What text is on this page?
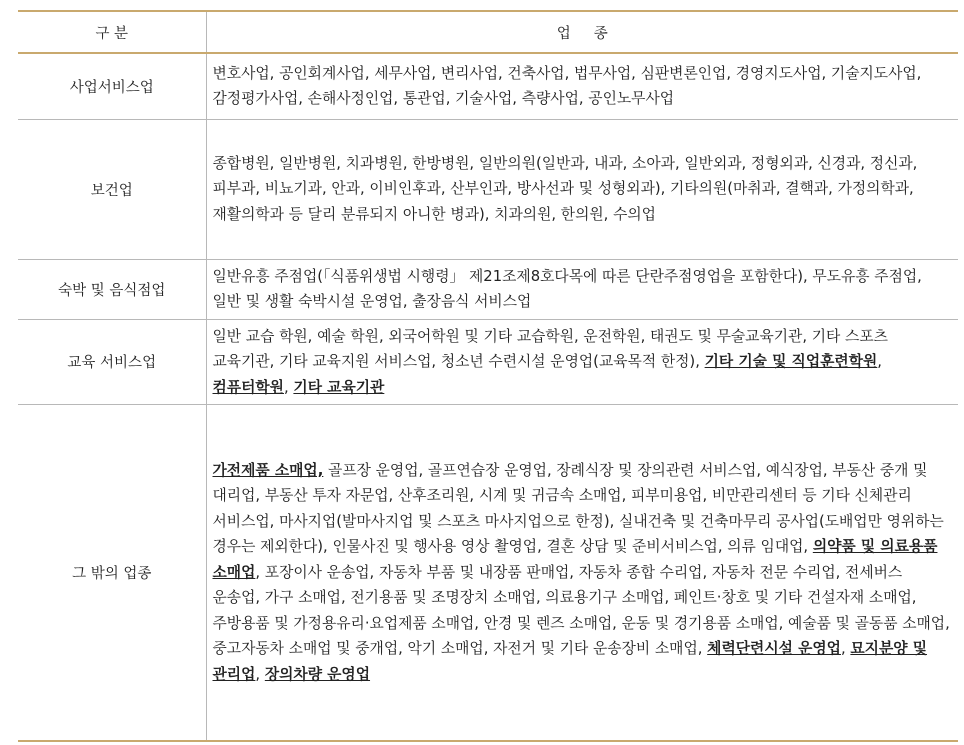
구 분	업     종
사업서비스업	변호사업, 공인회계사업, 세무사업, 변리사업, 건축사업, 법무사업, 심판변론인업, 경영지도사업, 기술지도사업, 감정평가사업, 손해사정인업, 통관업, 기술사업, 측량사업, 공인노무사업
보건업	종합병원, 일반병원, 치과병원, 한방병원, 일반의원(일반과, 내과, 소아과, 일반외과, 정형외과, 신경과, 정신과, 피부과, 비뇨기과, 안과, 이비인후과, 산부인과, 방사선과 및 성형외과), 기타의원(마취과, 결핵과, 가정의학과, 재활의학과 등 달리 분류되지 아니한 병과), 치과의원, 한의원, 수의업
숙박 및 음식점업	일반유흥 주점업(「식품위생법 시행령」 제21조제8호다목에 따른 단란주점영업을 포함한다), 무도유흥 주점업, 일반 및 생활 숙박시설 운영업, 출장음식 서비스업
교육 서비스업	일반 교습 학원, 예술 학원, 외국어학원 및 기타 교습학원, 운전학원, 태권도 및 무술교육기관, 기타 스포츠 교육기관, 기타 교육지원 서비스업, 청소년 수련시설 운영업(교육목적 한정), 기타 기술 및 직업훈련학원, 컴퓨터학원, 기타 교육기관
그 밖의 업종	가전제품 소매업, 골프장 운영업, 골프연습장 운영업, 장례식장 및 장의관련 서비스업, 예식장업, 부동산 중개 및 대리업, 부동산 투자 자문업, 산후조리원, 시계 및 귀금속 소매업, 피부미용업, 비만관리센터 등 기타 신체관리 서비스업, 마사지업(발마사지업 및 스포츠 마사지업으로 한정), 실내건축 및 건축마무리 공사업(도배업만 영위하는 경우는 제외한다), 인물사진 및 행사용 영상 촬영업, 결혼 상담 및 준비서비스업, 의류 임대업, 의약품 및 의료용품 소매업, 포장이사 운송업, 자동차 부품 및 내장품 판매업, 자동차 종합 수리업, 자동차 전문 수리업, 전세버스 운송업, 가구 소매업, 전기용품 및 조명장치 소매업, 의료용기구 소매업, 페인트·창호 및 기타 건설자재 소매업, 주방용품 및 가정용유리·요업제품 소매업, 안경 및 렌즈 소매업, 운동 및 경기용품 소매업, 예술품 및 골동품 소매업, 중고자동차 소매업 및 중개업, 악기 소매업, 자전거 및 기타 운송장비 소매업, 체력단련시설 운영업, 묘지분양 및 관리업, 장의차량 운영업
